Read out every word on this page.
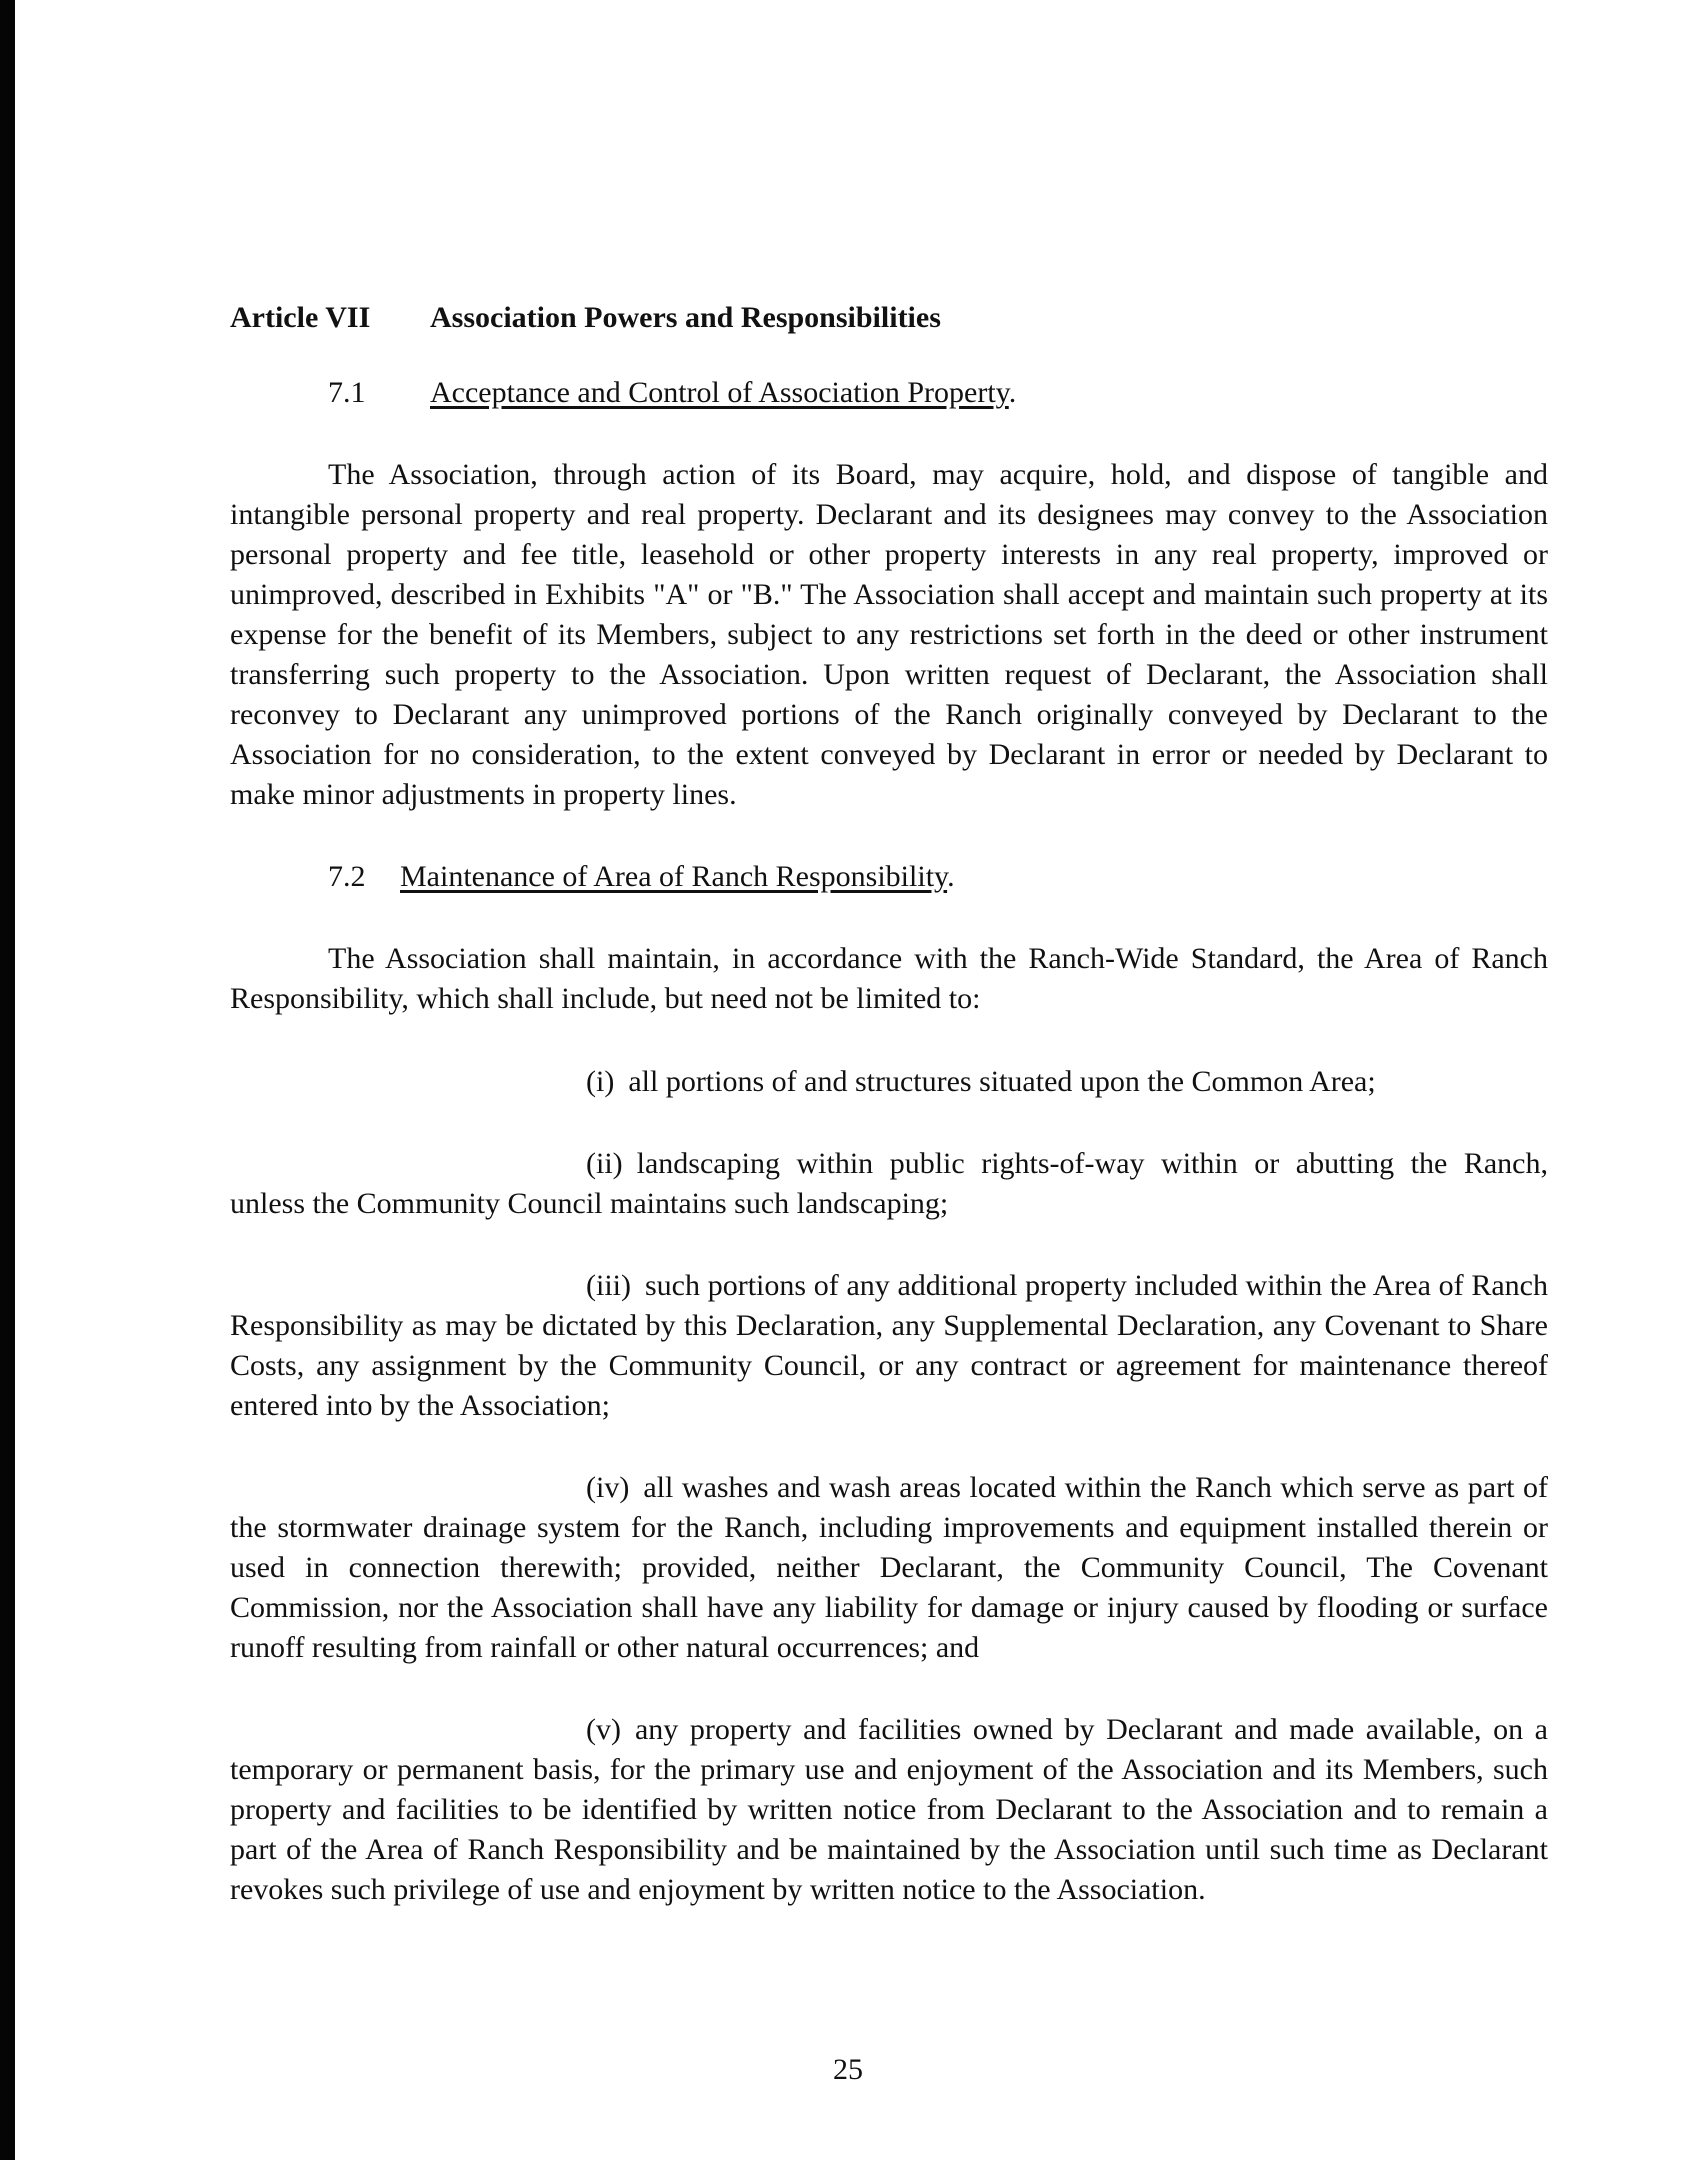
Article VII Association Powers and Responsibilities
7.1 Acceptance and Control of Association Property.

The Association, through action of its Board, may acquire, hold, and dispose of tangible and intangible personal property and real property. Declarant and its designees may convey to the Association personal property and fee title, leasehold or other property interests in any real property, improved or unimproved, described in Exhibits "A" or "B." The Association shall accept and maintain such property at its expense for the benefit of its Members, subject to any restrictions set forth in the deed or other instrument transferring such property to the Association. Upon written request of Declarant, the Association shall reconvey to Declarant any unimproved portions of the Ranch originally conveyed by Declarant to the Association for no consideration, to the extent conveyed by Declarant in error or needed by Declarant to make minor adjustments in property lines.

7.2 Maintenance of Area of Ranch Responsibility.

The Association shall maintain, in accordance with the Ranch-Wide Standard, the Area of Ranch Responsibility, which shall include, but need not be limited to:

(i) all portions of and structures situated upon the Common Area;

(ii) landscaping within public rights-of-way within or abutting the Ranch, unless the Community Council maintains such landscaping;

(iii) such portions of any additional property included within the Area of Ranch Responsibility as may be dictated by this Declaration, any Supplemental Declaration, any Covenant to Share Costs, any assignment by the Community Council, or any contract or agreement for maintenance thereof entered into by the Association;

(iv) all washes and wash areas located within the Ranch which serve as part of the stormwater drainage system for the Ranch, including improvements and equipment installed therein or used in connection therewith; provided, neither Declarant, the Community Council, The Covenant Commission, nor the Association shall have any liability for damage or injury caused by flooding or surface runoff resulting from rainfall or other natural occurrences; and

(v) any property and facilities owned by Declarant and made available, on a temporary or permanent basis, for the primary use and enjoyment of the Association and its Members, such property and facilities to be identified by written notice from Declarant to the Association and to remain a part of the Area of Ranch Responsibility and be maintained by the Association until such time as Declarant revokes such privilege of use and enjoyment by written notice to the Association.

25
